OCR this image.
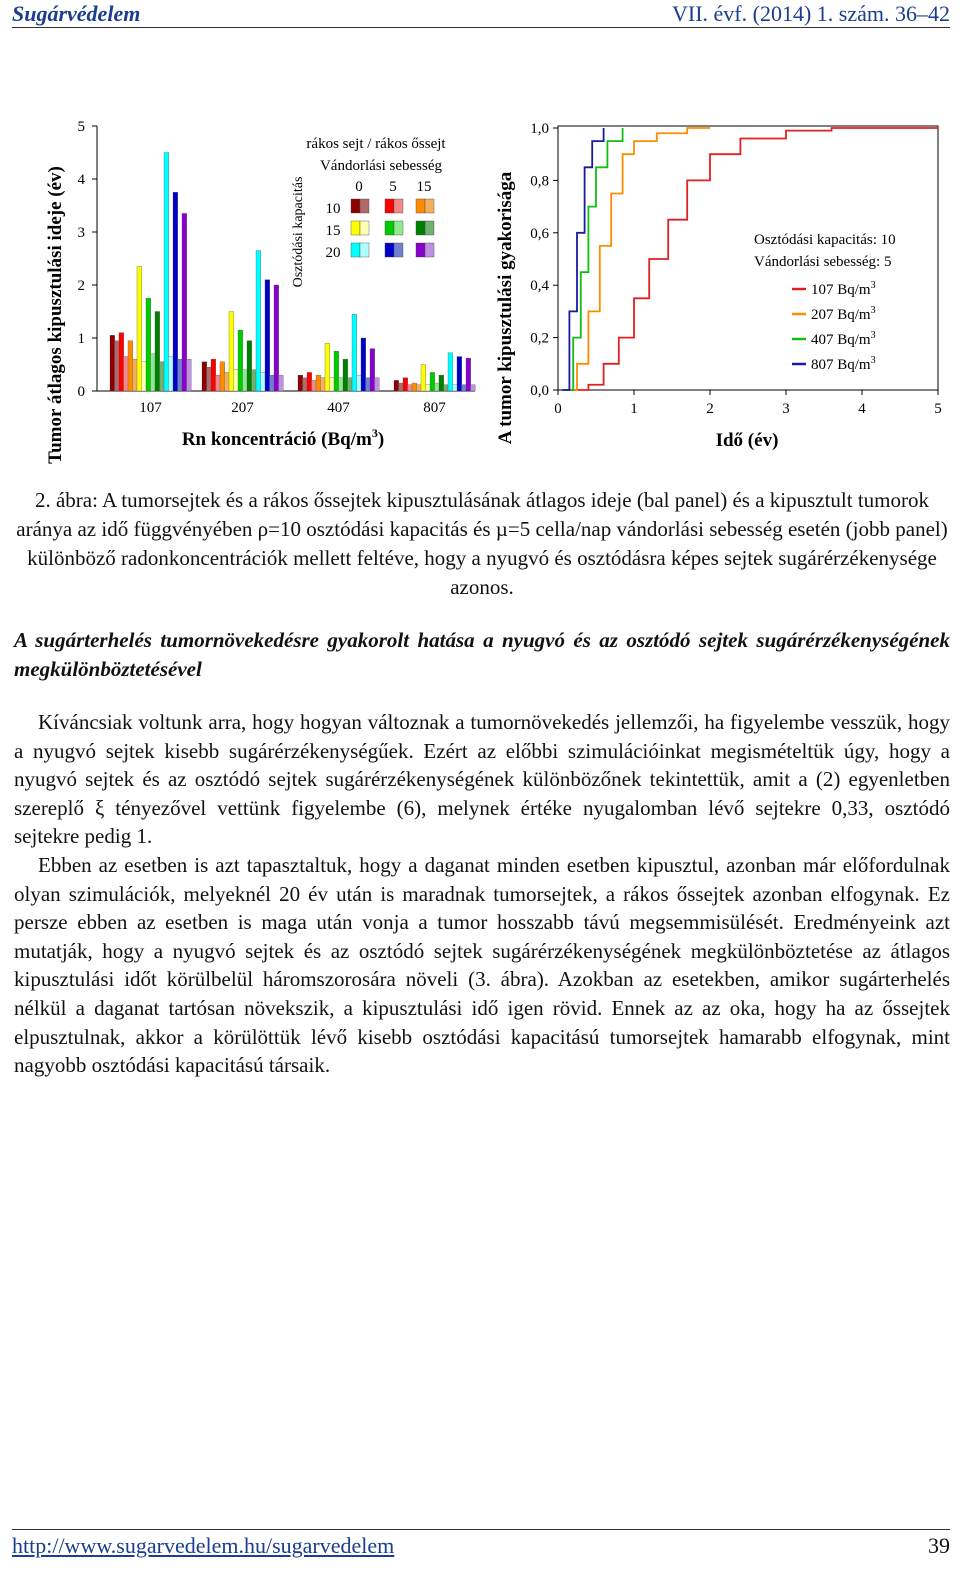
Sugárvédelem	VII. évf. (2014) 1. szám. 36–42
Tumor átlagos kipusztulási ideje (év) 0
1
2
3
4
5
107	207	407	807
Rn koncentráció $(Bq/m^3)$
rákos sejt / rákos őssejt
Vándorlási sebesség
0 5 15
Osztódási kapacitás 10
15
20	A tumor kipusztulási gyakorisága 0,0
0,2
0,4
0,6
0,8
1,0
0	1	2	3	4	5
Idő (év)
Osztódási kapacitás: 10
Vándorlási sebesség: 5
107 $Bq/m^3$
207 $Bq/m^3$
407 $Bq/m^3$
807 $Bq/m^3$
2. ábra: A tumorsejtek és a rákos őssejtek kipusztulásának átlagos ideje (bal panel) és a kipusztult tumorok aránya az idő függvényében ρ=10 osztódási kapacitás és µ=5 cella/nap vándorlási sebesség esetén (jobb panel) különböző radonkoncentrációk mellett feltéve, hogy a nyugvó és osztódásra képes sejtek sugárérzékenysége azonos.
A sugárterhelés tumornövekedésre gyakorolt hatása a nyugvó és az osztódó sejtek sugárérzékenységének megkülönböztetésével

Kíváncsiak voltunk arra, hogy hogyan változnak a tumornövekedés jellemzői, ha figyelembe vesszük, hogy a nyugvó sejtek kisebb sugárérzékenységűek. Ezért az előbbi szimulációinkat megismételtük úgy, hogy a nyugvó sejtek és az osztódó sejtek sugárérzékenységének különbözőnek tekintettük, amit a (2) egyenletben szereplő ξ tényezővel vettünk figyelembe (6), melynek értéke nyugalomban lévő sejtekre 0,33, osztódó sejtekre pedig 1.

Ebben az esetben is azt tapasztaltuk, hogy a daganat minden esetben kipusztul, azonban már előfordulnak olyan szimulációk, melyeknél 20 év után is maradnak tumorsejtek, a rákos őssejtek azonban elfogynak. Ez persze ebben az esetben is maga után vonja a tumor hosszabb távú megsemmisülését. Eredményeink azt mutatják, hogy a nyugvó sejtek és az osztódó sejtek sugárérzékenységének megkülönböztetése az átlagos kipusztulási időt körülbelül háromszorosára növeli (3. ábra). Azokban az esetekben, amikor sugárterhelés nélkül a daganat tartósan növekszik, a kipusztulási idő igen rövid. Ennek az az oka, hogy ha az őssejtek elpusztulnak, akkor a körülöttük lévő kisebb osztódási kapacitású tumorsejtek hamarabb elfogynak, mint nagyobb osztódási kapacitású társaik.

http://www.sugarvedelem.hu/sugarvedelem	39
